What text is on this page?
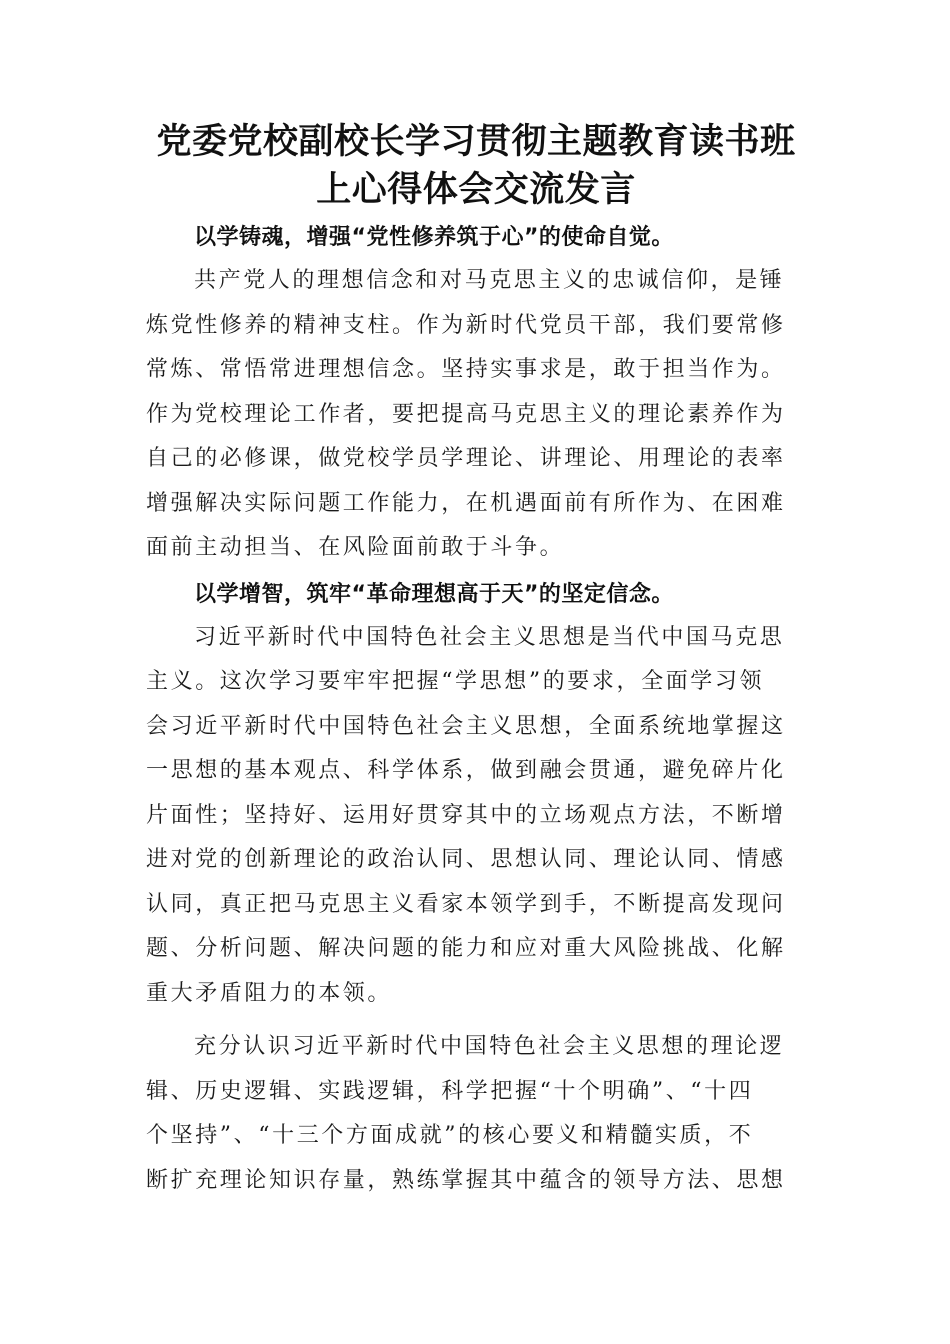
党委党校副校长学习贯彻主题教育读书班
上心得体会交流发言

以学铸魂，增强“党性修养筑于心”的使命自觉。

共产党人的理想信念和对马克思主义的忠诚信仰，是锤
炼党性修养的精神支柱。作为新时代党员干部，我们要常修
常炼、常悟常进理想信念。坚持实事求是，敢于担当作为。
作为党校理论工作者，要把提高马克思主义的理论素养作为
自己的必修课，做党校学员学理论、讲理论、用理论的表率
增强解决实际问题工作能力，在机遇面前有所作为、在困难
面前主动担当、在风险面前敢于斗争。

以学增智，筑牢“革命理想高于天”的坚定信念。

习近平新时代中国特色社会主义思想是当代中国马克思
主义。这次学习要牢牢把握“学思想”的要求，全面学习领
会习近平新时代中国特色社会主义思想，全面系统地掌握这
一思想的基本观点、科学体系，做到融会贯通，避免碎片化
片面性；坚持好、运用好贯穿其中的立场观点方法，不断增
进对党的创新理论的政治认同、思想认同、理论认同、情感
认同，真正把马克思主义看家本领学到手，不断提高发现问
题、分析问题、解决问题的能力和应对重大风险挑战、化解
重大矛盾阻力的本领。

充分认识习近平新时代中国特色社会主义思想的理论逻
辑、历史逻辑、实践逻辑，科学把握“十个明确”、“十四
个坚持”、“十三个方面成就”的核心要义和精髓实质，不
断扩充理论知识存量，熟练掌握其中蕴含的领导方法、思想
